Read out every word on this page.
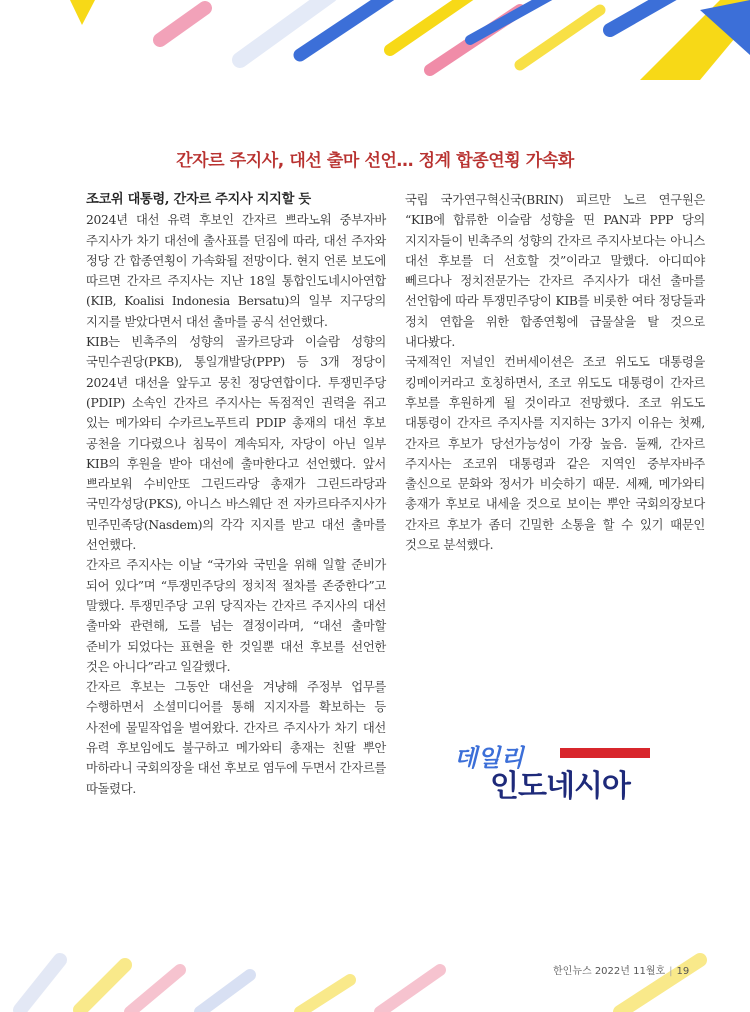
간자르 주지사, 대선 출마 선언… 정계 합종연횡 가속화

조코위 대통령, 간자르 주지사 지지할 듯

2024년 대선 유력 후보인 간자르 쁘라노워 중부자바 주지사가 차기 대선에 출사표를 던짐에 따라, 대선 주자와 정당 간 합종연횡이 가속화될 전망이다. 현지 언론 보도에 따르면 간자르 주지사는 지난 18일 통합인도네시아연합(KIB, Koalisi Indonesia Bersatu)의 일부 지구당의 지지를 받았다면서 대선 출마를 공식 선언했다.

KIB는 빈촉주의 성향의 골카르당과 이슬람 성향의 국민수권당(PKB), 통일개발당(PPP) 등 3개 정당이 2024년 대선을 앞두고 뭉친 정당연합이다. 투쟁민주당(PDIP) 소속인 간자르 주지사는 독점적인 권력을 쥐고 있는 메가와티 수카르노푸트리 PDIP 총재의 대선 후보 공천을 기다렸으나 침묵이 계속되자, 자당이 아닌 일부 KIB의 후원을 받아 대선에 출마한다고 선언했다. 앞서 쁘라보워 수비안또 그린드라당 총재가 그린드라당과 국민각성당(PKS), 아니스 바스웨단 전 자카르타주지사가 민주민족당(Nasdem)의 각각 지지를 받고 대선 출마를 선언했다.

간자르 주지사는 이날 “국가와 국민을 위해 일할 준비가 되어 있다”며 “투쟁민주당의 정치적 절차를 존중한다”고 말했다. 투쟁민주당 고위 당직자는 간자르 주지사의 대선 출마와 관련해, 도를 넘는 결정이라며, “대선 출마할 준비가 되었다는 표현을 한 것일뿐 대선 후보를 선언한 것은 아니다”라고 일갈했다.

간자르 후보는 그동안 대선을 겨냥해 주정부 업무를 수행하면서 소셜미디어를 통해 지지자를 확보하는 등 사전에 물밑작업을 벌여왔다. 간자르 주지사가 차기 대선 유력 후보임에도 불구하고 메가와티 총재는 친딸 뿌안 마하라니 국회의장을 대선 후보로 염두에 두면서 간자르를 따돌렸다.

국립 국가연구혁신국(BRIN) 피르만 노르 연구원은 “KIB에 합류한 이슬람 성향을 띤 PAN과 PPP 당의 지지자들이 빈촉주의 성향의 간자르 주지사보다는 아니스 대선 후보를 더 선호할 것”이라고 말했다. 아디띠야 뻬르다나 정치전문가는 간자르 주지사가 대선 출마를 선언함에 따라 투쟁민주당이 KIB를 비롯한 여타 정당들과 정치 연합을 위한 합종연횡에 급물살을 탈 것으로 내다봤다.

국제적인 저널인 컨버세이션은 조코 위도도 대통령을 킹메이커라고 호칭하면서, 조코 위도도 대통령이 간자르 후보를 후원하게 될 것이라고 전망했다. 조코 위도도 대통령이 간자르 주지사를 지지하는 3가지 이유는 첫째, 간자르 후보가 당선가능성이 가장 높음. 둘째, 간자르 주지사는 조코위 대통령과 같은 지역인 중부자바주 출신으로 문화와 정서가 비슷하기 때문. 세째, 메가와티 총재가 후보로 내세울 것으로 보이는 뿌안 국회의장보다 간자르 후보가 좀더 긴밀한 소통을 할 수 있기 때문인 것으로 분석했다.

데일리
인도네시아
한인뉴스 2022년 11월호 | 19
